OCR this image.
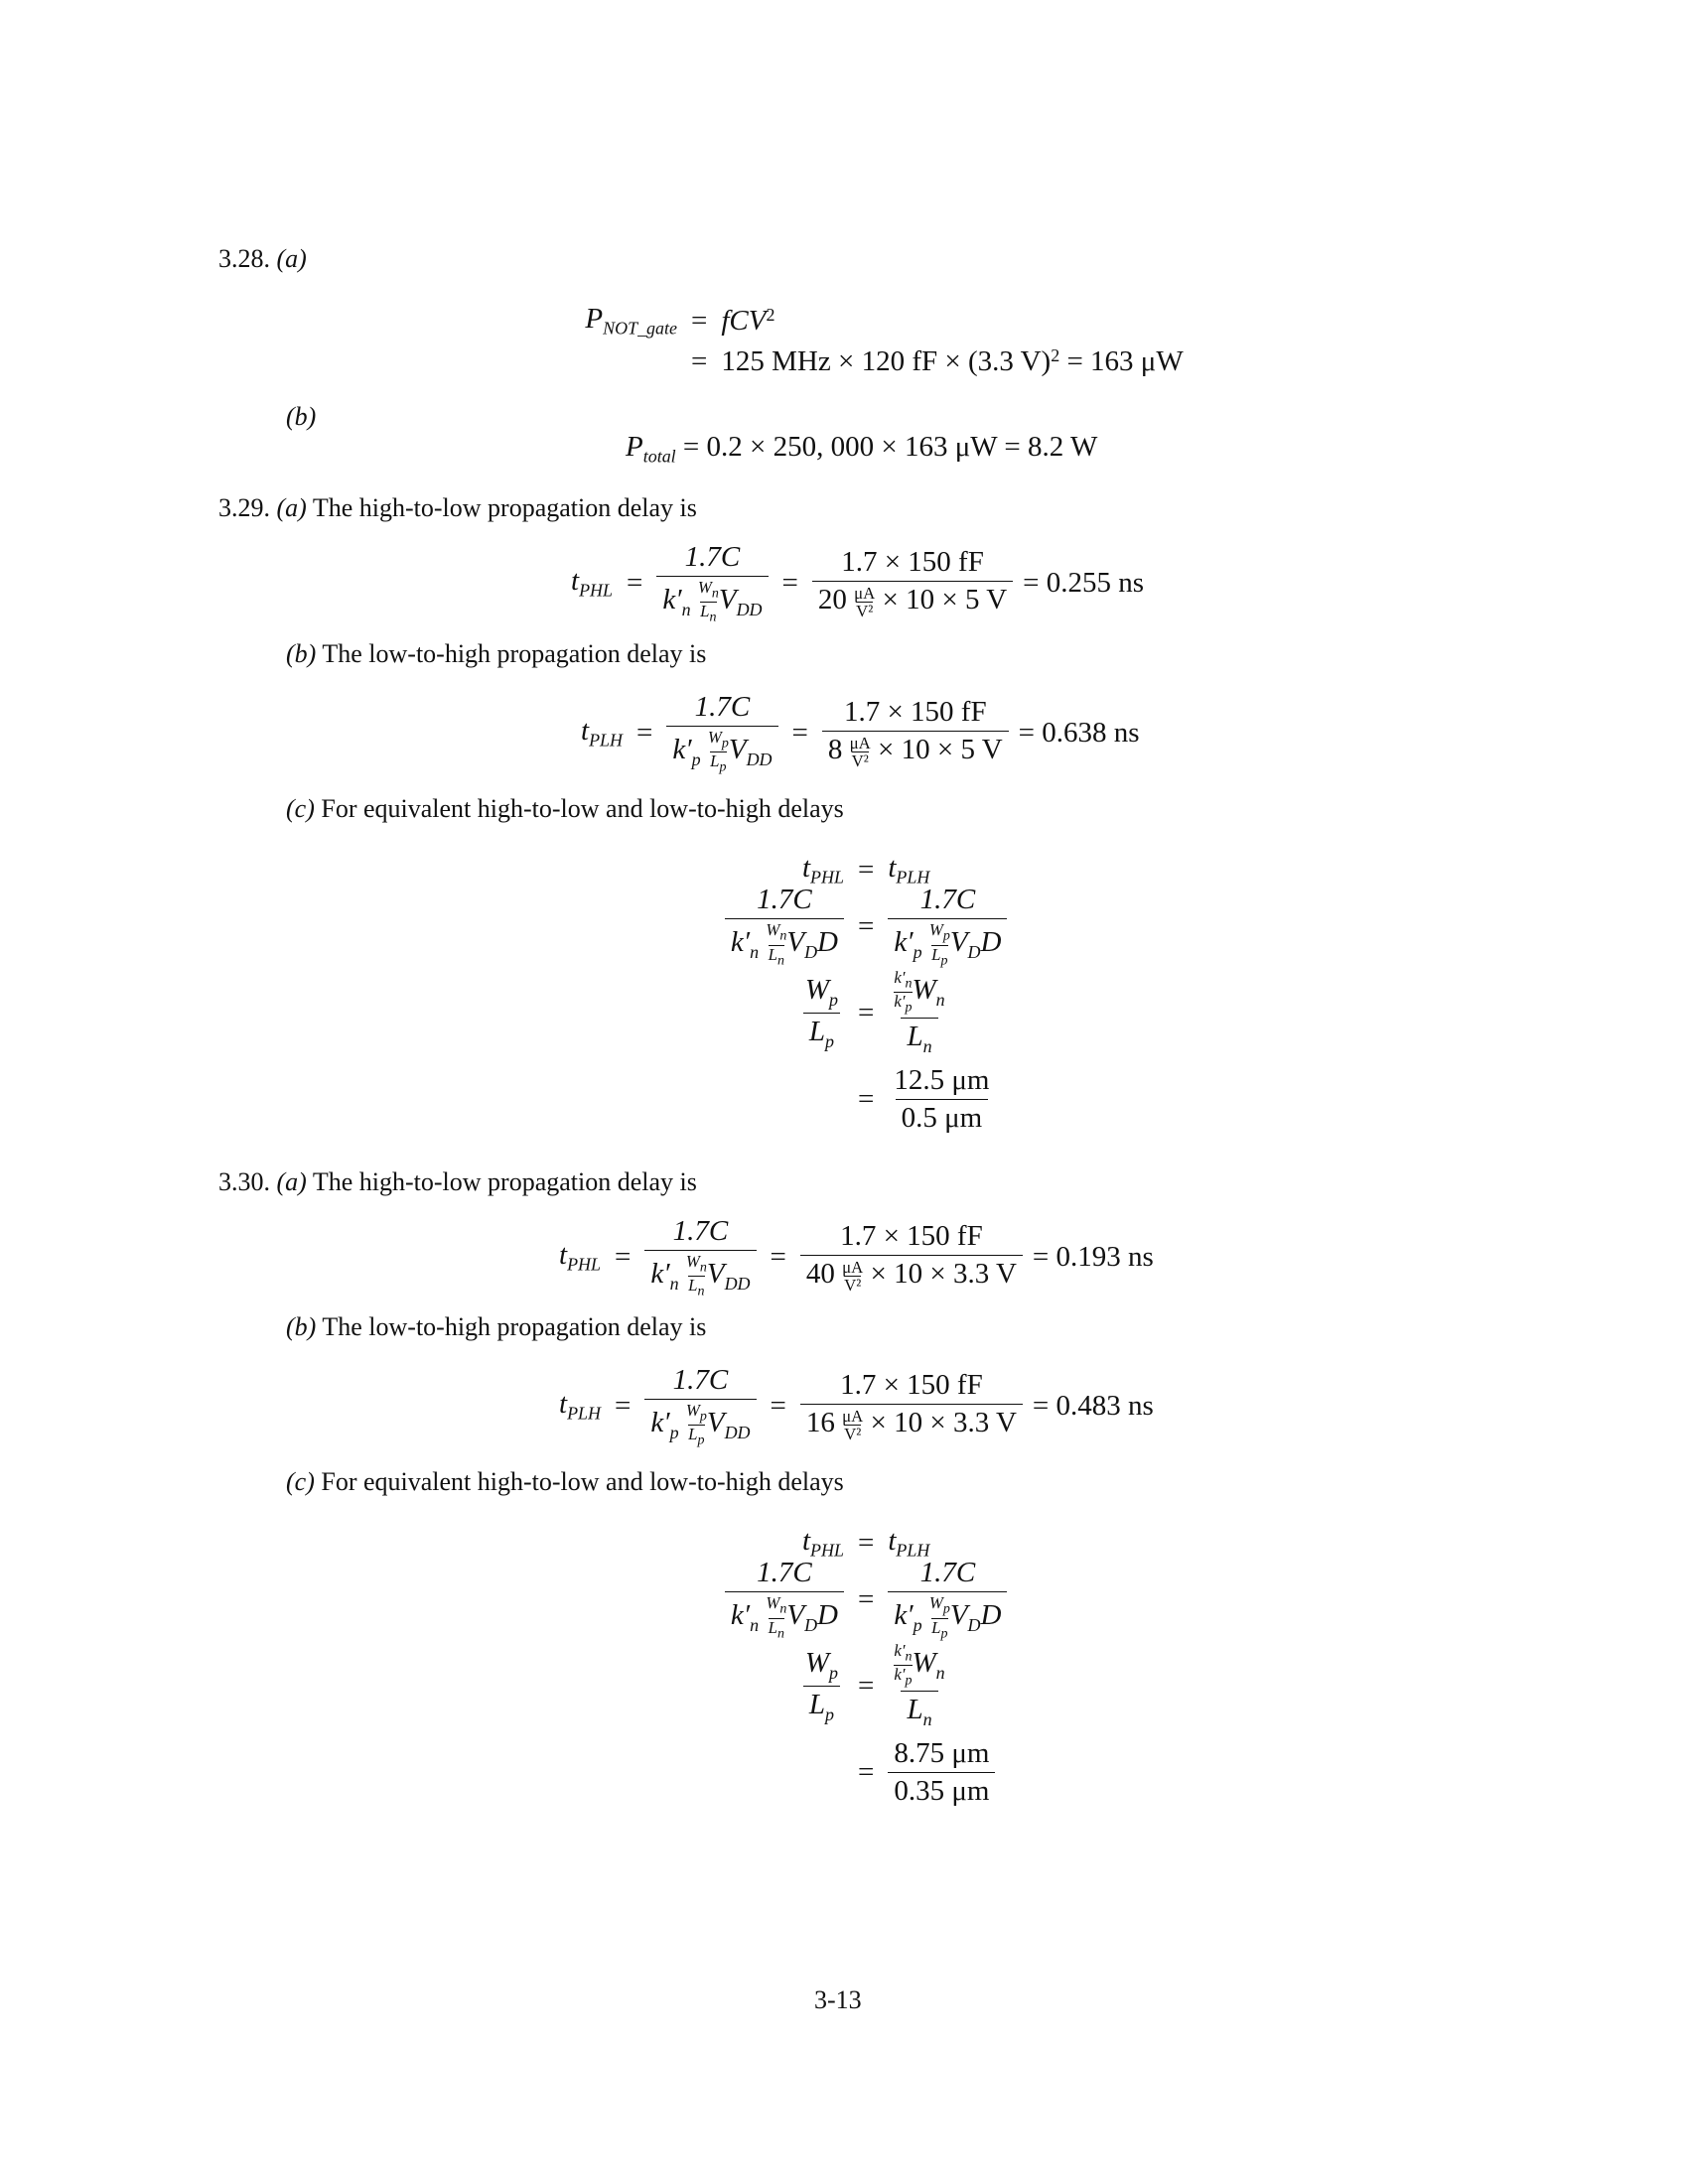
3.28. (a)
$P_{NOT\_gate} = fCV^2$
= 125 MHz × 120 fF × (3.3 V)$^2$ = 163 μW
(b)
$P_{total} = 0.2 \times 250$, 000 × 163 μW = 8.2 W
3.29. (a) The high-to-low propagation delay is
$t_{PHL} = \frac{1.7C}{k'_n \frac{W_n}{L_n} V_{DD}} = \frac{1.7 \times 150 fF}{20 \frac{\mu A}{\text{V²}} \times 10 \times 5 V} = 0.255$ ns
(b) The low-to-high propagation delay is
$t_{PLH} = \frac{1.7C}{k'_p \frac{W_p}{L_p} V_{DD}} = \frac{1.7 \times 150 fF}{8 \frac{\mu A}{\text{V²}} \times 10 \times 5 V} = 0.638$ ns
(c) For equivalent high-to-low and low-to-high delays
$t_{PHL} = t_{PLH}$
$\frac{1.7C}{k'_n \frac{W_n}{L_n} V_DD} = \frac{1.7C}{k'_p \frac{W_p}{L_p} V_DD}$
$\frac{W_p}{L_p} = \frac{\frac{k'_n}{k'_p} W_n}{L_n}$
= $\frac{12.5 \mu m}{0.5 \mu m}$
3.30. (a) The high-to-low propagation delay is
$t_{PHL} = \frac{1.7C}{k'_n \frac{W_n}{L_n} V_{DD}} = \frac{1.7 \times 150 fF}{40 \frac{\mu A}{\text{V²}} \times 10 \times 3.3 V} = 0.193$ ns
(b) The low-to-high propagation delay is
$t_{PLH} = \frac{1.7C}{k'_p \frac{W_p}{L_p} V_{DD}} = \frac{1.7 \times 150 fF}{16 \frac{\mu A}{\text{V²}} \times 10 \times 3.3 V} = 0.483$ ns
(c) For equivalent high-to-low and low-to-high delays
$t_{PHL} = t_{PLH}$
$\frac{1.7C}{k'_n \frac{W_n}{L_n} V_DD} = \frac{1.7C}{k'_p \frac{W_p}{L_p} V_DD}$
$\frac{W_p}{L_p} = \frac{\frac{k'_n}{k'_p} W_n}{L_n}$
= $\frac{8.75 \mu m}{0.35 \mu m}$
3-13
